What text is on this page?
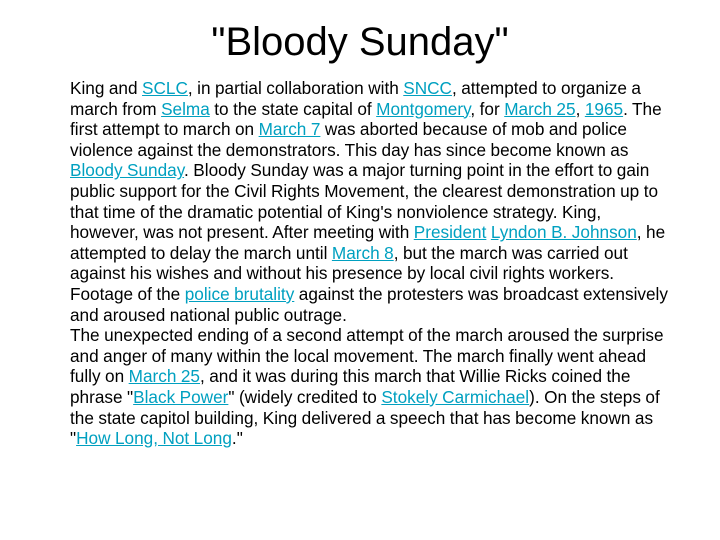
"Bloody Sunday"

King and SCLC, in partial collaboration with SNCC, attempted to organize a march from Selma to the state capital of Montgomery, for March 25, 1965. The first attempt to march on March 7 was aborted because of mob and police violence against the demonstrators. This day has since become known as Bloody Sunday. Bloody Sunday was a major turning point in the effort to gain public support for the Civil Rights Movement, the clearest demonstration up to that time of the dramatic potential of King's nonviolence strategy. King, however, was not present. After meeting with President Lyndon B. Johnson, he attempted to delay the march until March 8, but the march was carried out against his wishes and without his presence by local civil rights workers. Footage of the police brutality against the protesters was broadcast extensively and aroused national public outrage.

The unexpected ending of a second attempt of the march aroused the surprise and anger of many within the local movement. The march finally went ahead fully on March 25, and it was during this march that Willie Ricks coined the phrase "Black Power" (widely credited to Stokely Carmichael). On the steps of the state capitol building, King delivered a speech that has become known as "How Long, Not Long."
